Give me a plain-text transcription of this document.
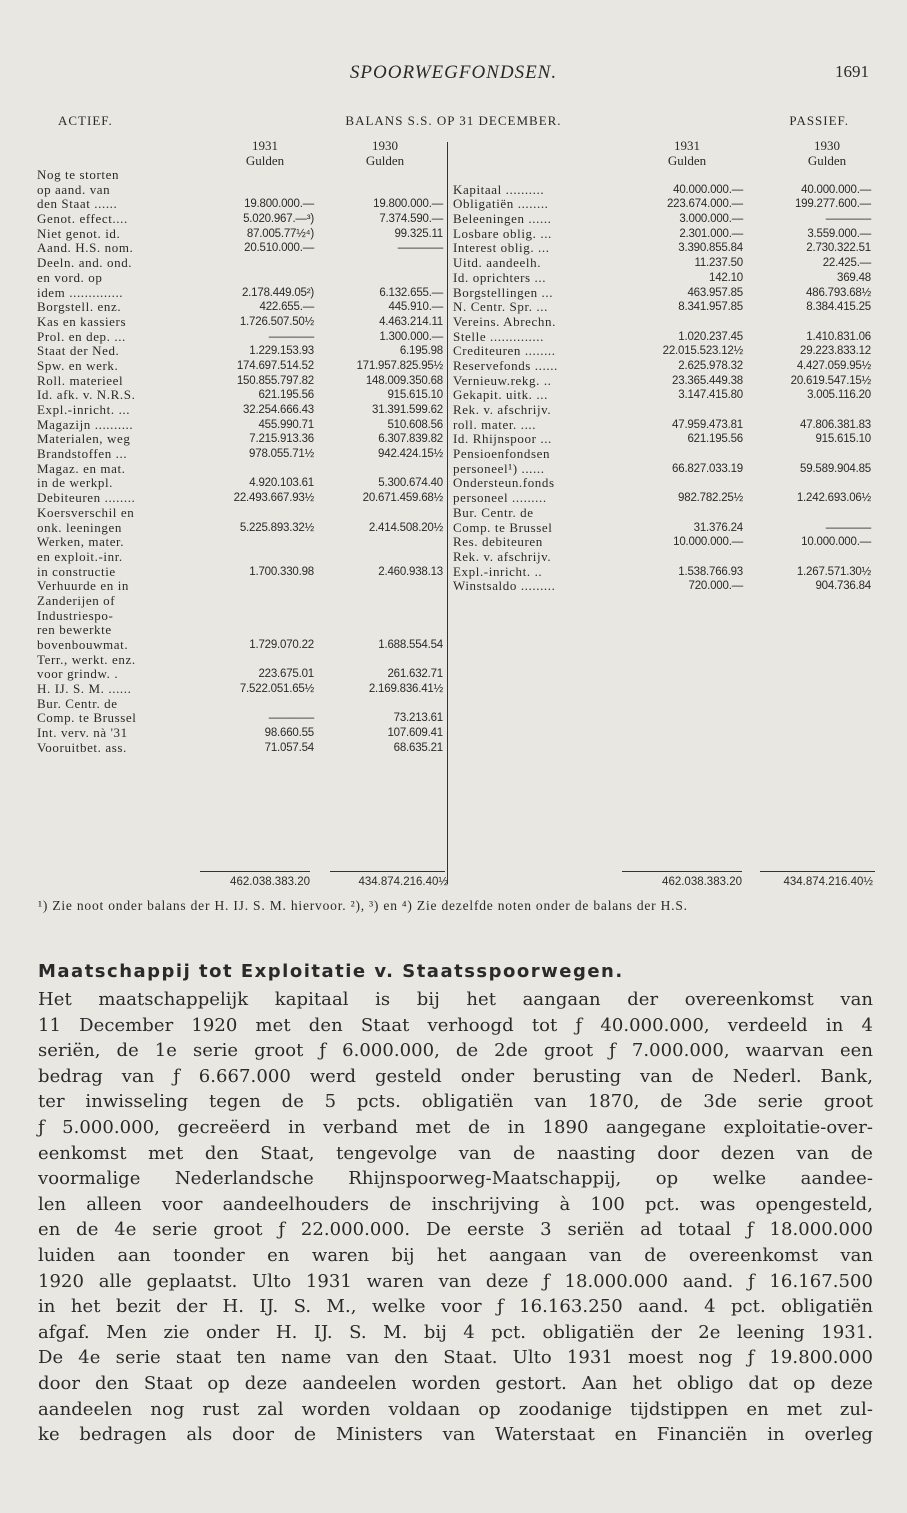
SPOORWEGFONDSEN.	1691
ACTIEF.	BALANS S.S. OP 31 DECEMBER.	PASSIEF.
1931
Gulden
1930
Gulden
1931
Gulden
1930
Gulden
Nog te storten
op aand. van
den Staat ......	19.800.000.—	19.800.000.—
Genot. effect....	5.020.967.—³)	7.374.590.—
Niet genot. id.	87.005.77½⁴)	99.325.11
Aand. H.S. nom.	20.510.000.—	————
Deeln. and. ond.
en vord. op
idem ..............	2.178.449.05²)	6.132.655.—
Borgstell. enz.	422.655.—	445.910.—
Kas en kassiers	1.726.507.50½	4.463.214.11
Prol. en dep. ...	————	1.300.000.—
Staat der Ned.	1.229.153.93	6.195.98
Spw. en werk.	174.697.514.52	171.957.825.95½
Roll. materieel	150.855.797.82	148.009.350.68
Id. afk. v. N.R.S.	621.195.56	915.615.10
Expl.-inricht. ...	32.254.666.43	31.391.599.62
Magazijn ..........	455.990.71	510.608.56
Materialen, weg	7.215.913.36	6.307.839.82
Brandstoffen ...	978.055.71½	942.424.15½
Magaz. en mat.
in de werkpl.	4.920.103.61	5.300.674.40
Debiteuren ........	22.493.667.93½	20.671.459.68½
Koersverschil en
onk. leeningen	5.225.893.32½	2.414.508.20½
Werken, mater.
en exploit.-inr.
in constructie	1.700.330.98	2.460.938.13
Verhuurde en in
Zanderijen of
Industriespo-
ren bewerkte
bovenbouwmat.	1.729.070.22	1.688.554.54
Terr., werkt. enz.
voor grindw. .	223.675.01	261.632.71
H. IJ. S. M. ......	7.522.051.65½	2.169.836.41½
Bur. Centr. de
Comp. te Brussel	————	73.213.61
Int. verv. nà '31	98.660.55	107.609.41
Vooruitbet. ass.	71.057.54	68.635.21
Kapitaal ..........	40.000.000.—	40.000.000.—
Obligatiën ........	223.674.000.—	199.277.600.—
Beleeningen ......	3.000.000.—	————
Losbare oblig. ...	2.301.000.—	3.559.000.—
Interest oblig. ...	3.390.855.84	2.730.322.51
Uitd. aandeelh.	11.237.50	22.425.—
Id. oprichters ...	142.10	369.48
Borgstellingen ...	463.957.85	486.793.68½
N. Centr. Spr. ...	8.341.957.85	8.384.415.25
Vereins. Abrechn.
Stelle ..............	1.020.237.45	1.410.831.06
Crediteuren ........	22.015.523.12½	29.223.833.12
Reservefonds ......	2.625.978.32	4.427.059.95½
Vernieuw.rekg. ..	23.365.449.38	20.619.547.15½
Gekapit. uitk. ...	3.147.415.80	3.005.116.20
Rek. v. afschrijv.
roll. mater. ....	47.959.473.81	47.806.381.83
Id. Rhijnspoor ...	621.195.56	915.615.10
Pensioenfondsen
personeel¹) ......	66.827.033.19	59.589.904.85
Ondersteun.fonds
personeel .........	982.782.25½	1.242.693.06½
Bur. Centr. de
Comp. te Brussel	31.376.24	————
Res. debiteuren	10.000.000.—	10.000.000.—
Rek. v. afschrijv.
Expl.-inricht. ..	1.538.766.93	1.267.571.30½
Winstsaldo .........	720.000.—	904.736.84
462.038.383.20	434.874.216.40½	462.038.383.20	434.874.216.40½
¹) Zie noot onder balans der H. IJ. S. M. hiervoor. ²), ³) en ⁴) Zie dezelfde noten onder de balans der H.S.
Maatschappij tot Exploitatie v. Staatsspoorwegen.
Het maatschappelijk kapitaal is bij het aangaan der overeenkomst van
11 December 1920 met den Staat verhoogd tot ƒ 40.000.000, verdeeld in 4
seriën, de 1e serie groot ƒ 6.000.000, de 2de groot ƒ 7.000.000, waarvan een
bedrag van ƒ 6.667.000 werd gesteld onder berusting van de Nederl. Bank,
ter inwisseling tegen de 5 pcts. obligatiën van 1870, de 3de serie groot
ƒ 5.000.000, gecreëerd in verband met de in 1890 aangegane exploitatie-over-
eenkomst met den Staat, tengevolge van de naasting door dezen van de
voormalige Nederlandsche Rhijnspoorweg-Maatschappij, op welke aandee-
len alleen voor aandeelhouders de inschrijving à 100 pct. was opengesteld,
en de 4e serie groot ƒ 22.000.000. De eerste 3 seriën ad totaal ƒ 18.000.000
luiden aan toonder en waren bij het aangaan van de overeenkomst van
1920 alle geplaatst. Ulto 1931 waren van deze ƒ 18.000.000 aand. ƒ 16.167.500
in het bezit der H. IJ. S. M., welke voor ƒ 16.163.250 aand. 4 pct. obligatiën
afgaf. Men zie onder H. IJ. S. M. bij 4 pct. obligatiën der 2e leening 1931.
De 4e serie staat ten name van den Staat. Ulto 1931 moest nog ƒ 19.800.000
door den Staat op deze aandeelen worden gestort. Aan het obligo dat op deze
aandeelen nog rust zal worden voldaan op zoodanige tijdstippen en met zul-
ke bedragen als door de Ministers van Waterstaat en Financiën in overleg
